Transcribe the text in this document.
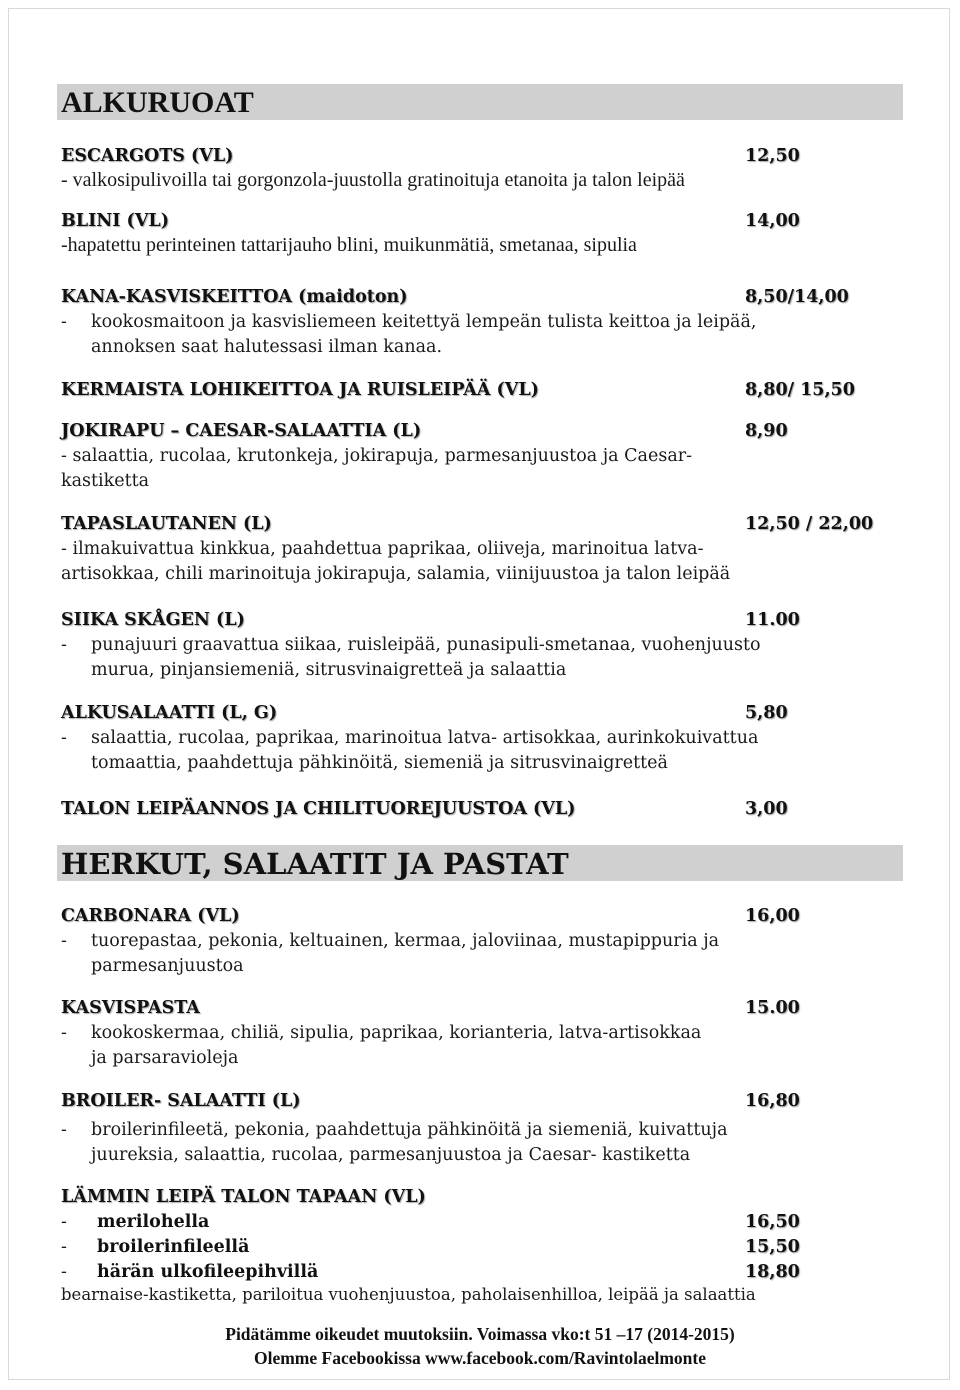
ALKURUOAT
ESCARGOTS (VL)	12,50
- valkosipulivoilla tai gorgonzola-juustolla gratinoituja etanoita ja talon leipää
BLINI (VL)	14,00
-hapatettu perinteinen tattarijauho blini, muikunmätiä, smetanaa, sipulia
KANA-KASVISKEITTOA (maidoton)	8,50/14,00
- kookosmaitoon ja kasvisliemeen keitettyä lempeän tulista keittoa ja leipää,
annoksen saat halutessasi ilman kanaa.
KERMAISTA LOHIKEITTOA JA RUISLEIPÄÄ (VL)	8,80/ 15,50
JOKIRAPU – CAESAR-SALAATTIA (L)	8,90
- salaattia, rucolaa, krutonkeja, jokirapuja, parmesanjuustoa ja Caesar-
kastiketta
TAPASLAUTANEN (L)	12,50 / 22,00
- ilmakuivattua kinkkua, paahdettua paprikaa, oliiveja, marinoitua latva-
artisokkaa, chili marinoituja jokirapuja, salamia, viinijuustoa ja talon leipää
SIIKA SKÅGEN (L)	11.00
- punajuuri graavattua siikaa, ruisleipää, punasipuli-smetanaa, vuohenjuusto
murua, pinjansiemeniä, sitrusvinaigretteä ja salaattia
ALKUSALAATTI (L, G)	5,80
- salaattia, rucolaa, paprikaa, marinoitua latva- artisokkaa, aurinkokuivattua
tomaattia, paahdettuja pähkinöitä, siemeniä ja sitrusvinaigretteä
TALON LEIPÄANNOS JA CHILITUOREJUUSTOA (VL)	3,00
HERKUT, SALAATIT JA PASTAT
CARBONARA (VL)	16,00
- tuorepastaa, pekonia, keltuainen, kermaa, jaloviinaa, mustapippuria ja
parmesanjuustoa
KASVISPASTA	15.00
- kookoskermaa, chiliä, sipulia, paprikaa, korianteria, latva-artisokkaa
ja parsaravioleja
BROILER- SALAATTI (L)	16,80
- broilerinfileetä, pekonia, paahdettuja pähkinöitä ja siemeniä, kuivattuja
juureksia, salaattia, rucolaa, parmesanjuustoa ja Caesar- kastiketta
LÄMMIN LEIPÄ TALON TAPAAN (VL)
- merilohella	16,50
- broilerinfileellä	15,50
- härän ulkofileepihvillä	18,80
bearnaise-kastiketta, pariloitua vuohenjuustoa, paholaisenhilloa, leipää ja salaattia
Pidätämme oikeudet muutoksiin. Voimassa vko:t 51 –17 (2014-2015)
Olemme Facebookissa www.facebook.com/Ravintolaelmonte
